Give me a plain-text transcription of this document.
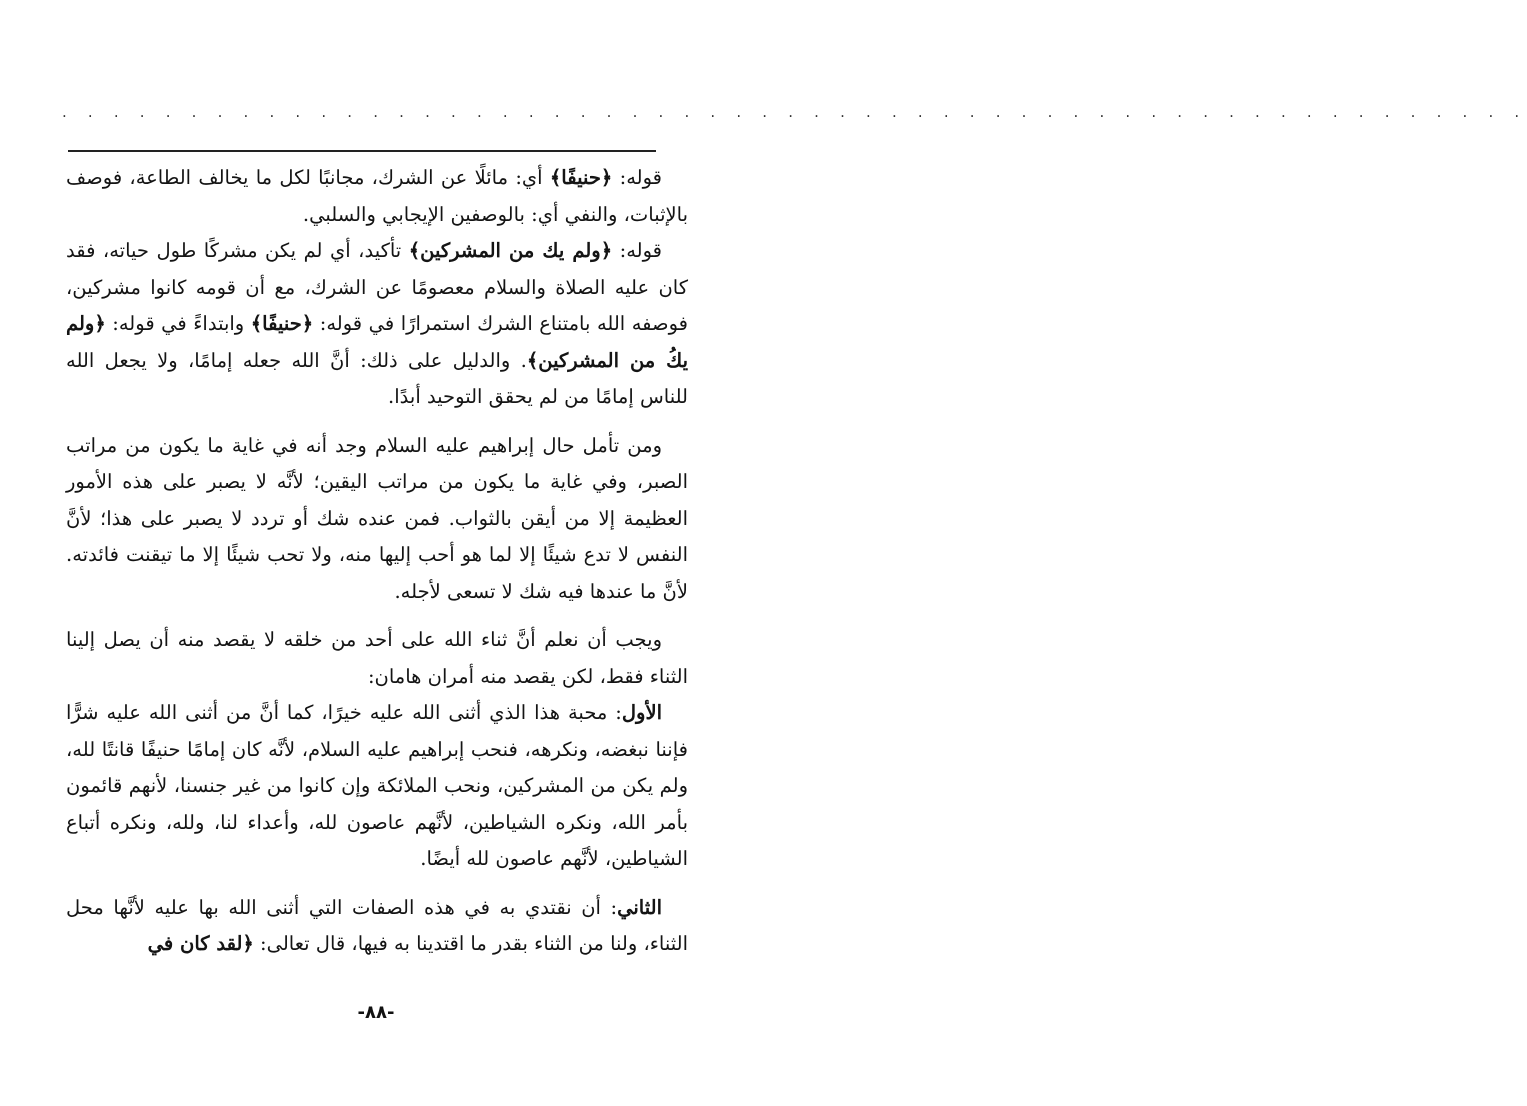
. . . . . . . . . . . . . . . . . . . . . . . . . . . . . . . . . . . . . . . . . . . . . . . . . . . . . . . . .

قوله: ﴿حنيفًا﴾ أي: مائلًا عن الشرك، مجانبًا لكل ما يخالف الطاعة، فوصف بالإثبات، والنفي أي: بالوصفين الإيجابي والسلبي.

قوله: ﴿ولم يك من المشركين﴾ تأكيد، أي لم يكن مشركًا طول حياته، فقد كان عليه الصلاة والسلام معصومًا عن الشرك، مع أن قومه كانوا مشركين، فوصفه الله بامتناع الشرك استمرارًا في قوله: ﴿حنيفًا﴾ وابتداءً في قوله: ﴿ولم يكُ من المشركين﴾. والدليل على ذلك: أنَّ الله جعله إمامًا، ولا يجعل الله للناس إمامًا من لم يحقق التوحيد أبدًا.

ومن تأمل حال إبراهيم عليه السلام وجد أنه في غاية ما يكون من مراتب الصبر، وفي غاية ما يكون من مراتب اليقين؛ لأنَّه لا يصبر على هذه الأمور العظيمة إلا من أيقن بالثواب. فمن عنده شك أو تردد لا يصبر على هذا؛ لأنَّ النفس لا تدع شيئًا إلا لما هو أحب إليها منه، ولا تحب شيئًا إلا ما تيقنت فائدته. لأنَّ ما عندها فيه شك لا تسعى لأجله.

ويجب أن نعلم أنَّ ثناء الله على أحد من خلقه لا يقصد منه أن يصل إلينا الثناء فقط، لكن يقصد منه أمران هامان:

الأول: محبة هذا الذي أثنى الله عليه خيرًا، كما أنَّ من أثنى الله عليه شرًّا فإننا نبغضه، ونكرهه، فنحب إبراهيم عليه السلام، لأنَّه كان إمامًا حنيفًا قانتًا لله، ولم يكن من المشركين، ونحب الملائكة وإن كانوا من غير جنسنا، لأنهم قائمون بأمر الله، ونكره الشياطين، لأنَّهم عاصون لله، وأعداء لنا، ولله، ونكره أتباع الشياطين، لأنَّهم عاصون لله أيضًا.

الثاني: أن نقتدي به في هذه الصفات التي أثنى الله بها عليه لأنَّها محل الثناء، ولنا من الثناء بقدر ما اقتدينا به فيها، قال تعالى: ﴿لقد كان في

-٨٨-
